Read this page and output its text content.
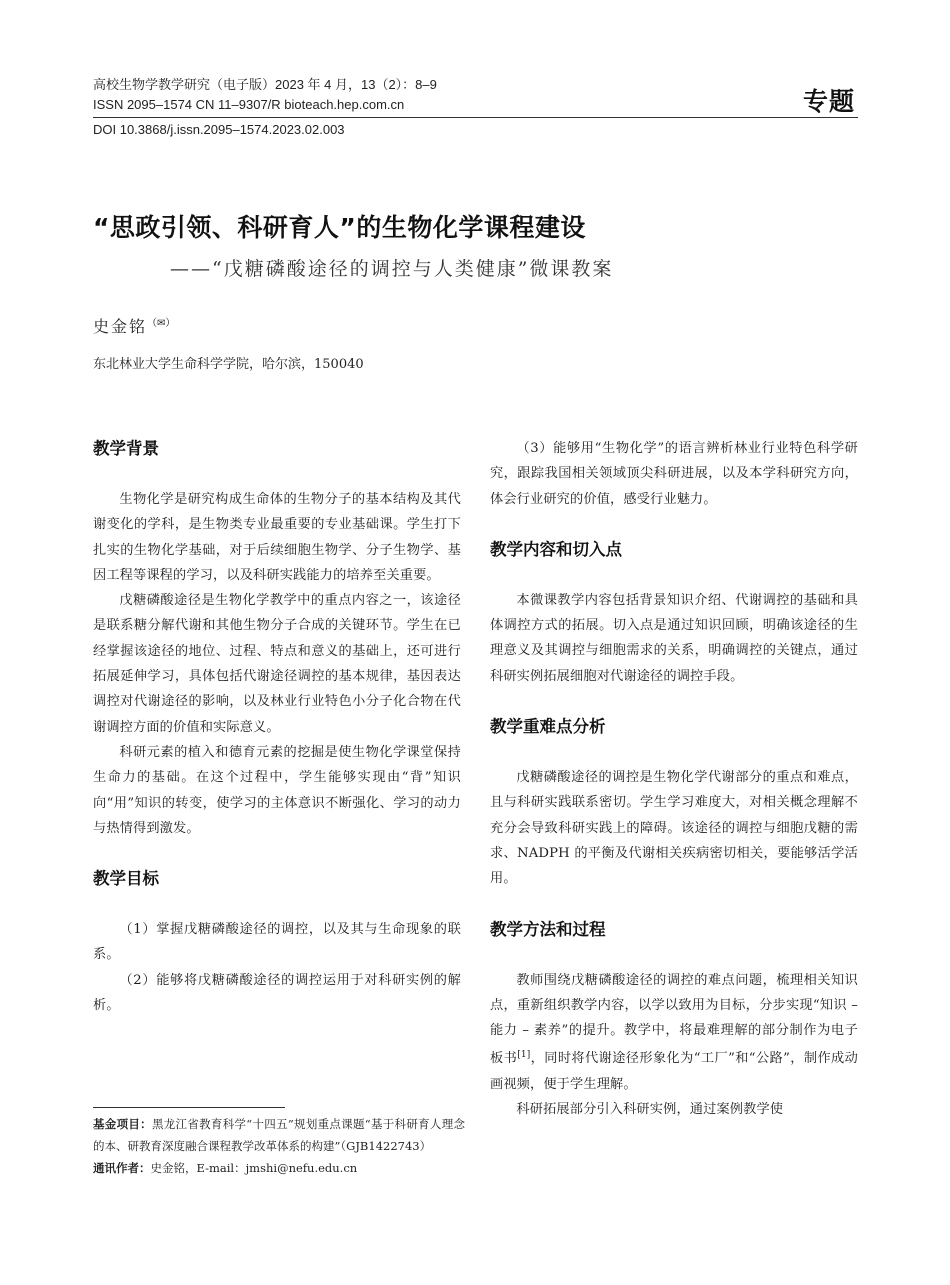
高校生物学教学研究（电子版）2023 年 4 月，13（2）：8–9
ISSN 2095–1574 CN 11–9307/R bioteach.hep.com.cn
DOI 10.3868/j.issn.2095–1574.2023.02.003
专题
“思政引领、科研育人”的生物化学课程建设
——“戊糖磷酸途径的调控与人类健康”微课教案
史金铭（✉）
东北林业大学生命科学学院，哈尔滨，150040
教学背景

生物化学是研究构成生命体的生物分子的基本结构及其代谢变化的学科，是生物类专业最重要的专业基础课。学生打下扎实的生物化学基础，对于后续细胞生物学、分子生物学、基因工程等课程的学习，以及科研实践能力的培养至关重要。

戊糖磷酸途径是生物化学教学中的重点内容之一，该途径是联系糖分解代谢和其他生物分子合成的关键环节。学生在已经掌握该途径的地位、过程、特点和意义的基础上，还可进行拓展延伸学习，具体包括代谢途径调控的基本规律，基因表达调控对代谢途径的影响，以及林业行业特色小分子化合物在代谢调控方面的价值和实际意义。

科研元素的植入和德育元素的挖掘是使生物化学课堂保持生命力的基础。在这个过程中，学生能够实现由“背”知识向“用”知识的转变，使学习的主体意识不断强化、学习的动力与热情得到激发。

教学目标

（1）掌握戊糖磷酸途径的调控，以及其与生命现象的联系。

（2）能够将戊糖磷酸途径的调控运用于对科研实例的解析。

基金项目：黑龙江省教育科学“十四五”规划重点课题“基于科研育人理念的本、研教育深度融合课程教学改革体系的构建”（GJB1422743）

通讯作者：史金铭，E-mail：jmshi@nefu.edu.cn

（3）能够用“生物化学”的语言辨析林业行业特色科学研究，跟踪我国相关领域顶尖科研进展，以及本学科研究方向，体会行业研究的价值，感受行业魅力。

教学内容和切入点

本微课教学内容包括背景知识介绍、代谢调控的基础和具体调控方式的拓展。切入点是通过知识回顾，明确该途径的生理意义及其调控与细胞需求的关系，明确调控的关键点，通过科研实例拓展细胞对代谢途径的调控手段。

教学重难点分析

戊糖磷酸途径的调控是生物化学代谢部分的重点和难点，且与科研实践联系密切。学生学习难度大，对相关概念理解不充分会导致科研实践上的障碍。该途径的调控与细胞戊糖的需求、NADPH 的平衡及代谢相关疾病密切相关，要能够活学活用。

教学方法和过程

教师围绕戊糖磷酸途径的调控的难点问题，梳理相关知识点，重新组织教学内容，以学以致用为目标，分步实现“知识 – 能力 – 素养”的提升。教学中，将最难理解的部分制作为电子板书[1]，同时将代谢途径形象化为“工厂”和“公路”，制作成动画视频，便于学生理解。

科研拓展部分引入科研实例，通过案例教学使
